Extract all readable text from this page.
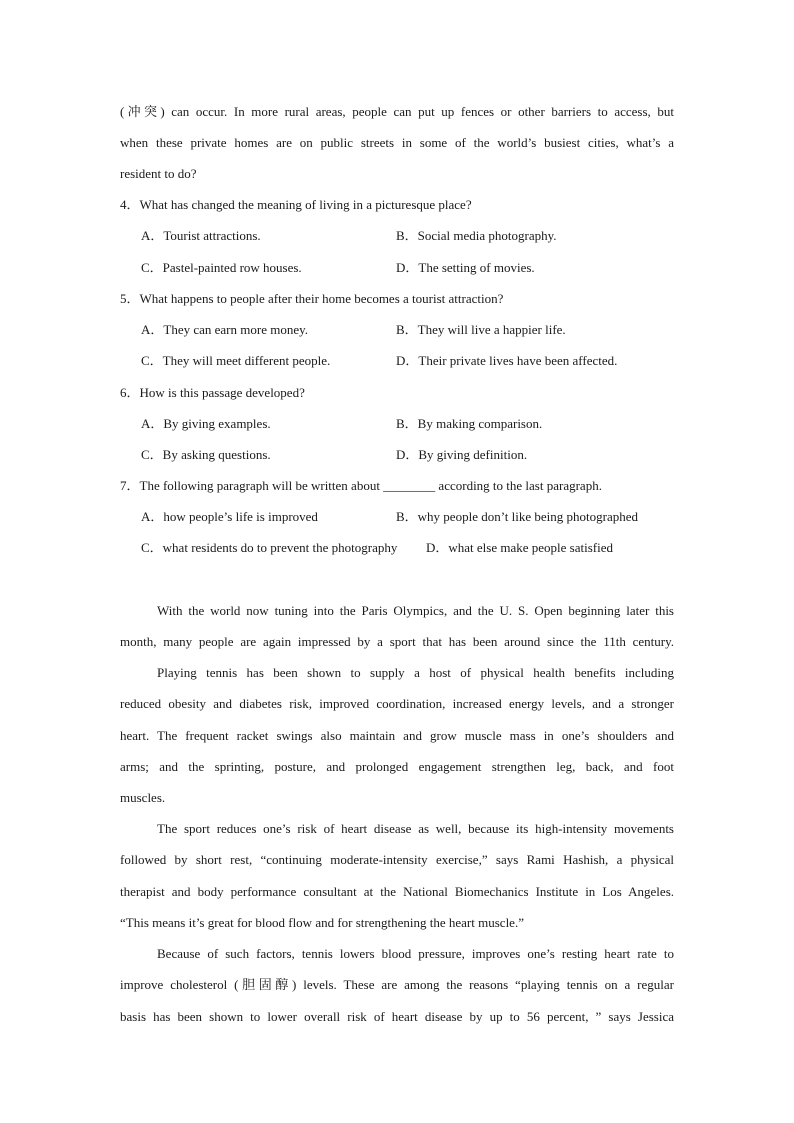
(冲突) can occur. In more rural areas, people can put up fences or other barriers to access, but
when these private homes are on public streets in some of the world’s busiest cities, what’s a
resident to do?
4．What has changed the meaning of living in a picturesque place?
A．Tourist attractions.	B．Social media photography.
C．Pastel-painted row houses.	D．The setting of movies.
5．What happens to people after their home becomes a tourist attraction?
A．They can earn more money.	B．They will live a happier life.
C．They will meet different people.	D．Their private lives have been affected.
6．How is this passage developed?
A．By giving examples.	B．By making comparison.
C．By asking questions.	D．By giving definition.
7．The following paragraph will be written about ________ according to the last paragraph.
A．how people’s life is improved	B．why people don’t like being photographed
C．what residents do to prevent the photography D．what else make people satisfied
With the world now tuning into the Paris Olympics, and the U. S. Open beginning later this
month, many people are again impressed by a sport that has been around since the 11th century.
Playing tennis has been shown to supply a host of physical health benefits including
reduced obesity and diabetes risk, improved coordination, increased energy levels, and a stronger
heart. The frequent racket swings also maintain and grow muscle mass in one’s shoulders and
arms; and the sprinting, posture, and prolonged engagement strengthen leg, back, and foot
muscles.
The sport reduces one’s risk of heart disease as well, because its high-intensity movements
followed by short rest, “continuing moderate-intensity exercise,” says Rami Hashish, a physical
therapist and body performance consultant at the National Biomechanics Institute in Los Angeles.
“This means it’s great for blood flow and for strengthening the heart muscle.”
Because of such factors, tennis lowers blood pressure, improves one’s resting heart rate to
improve cholesterol (胆固醇) levels. These are among the reasons “playing tennis on a regular
basis has been shown to lower overall risk of heart disease by up to 56 percent, ” says Jessica
